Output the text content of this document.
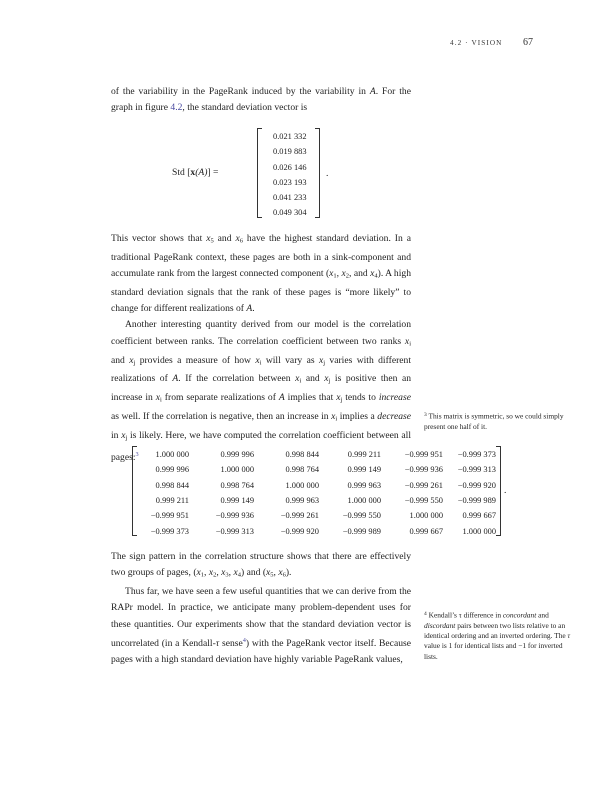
4.2 · VISION 67

of the variability in the PageRank induced by the variability in A. For the graph in figure 4.2, the standard deviation vector is

Std [x(A)] =
0.021 332
0.019 883
0.026 146
0.023 193
0.041 233
0.049 304
.

This vector shows that $x_5$ and $x_6$ have the highest standard deviation. In a traditional PageRank context, these pages are both in a sink-component and accumulate rank from the largest connected component ($x_1$, $x_2$, and $x_4$). A high standard deviation signals that the rank of these pages is “more likely” to change for different realizations of A.

Another interesting quantity derived from our model is the correlation coefficient between ranks. The correlation coefficient between two ranks $x_i$ and $x_j$ provides a measure of how $x_i$ will vary as $x_j$ varies with different realizations of A. If the correlation between $x_i$ and $x_j$ is positive then an increase in $x_i$ from separate realizations of A implies that $x_j$ tends to increase as well. If the correlation is negative, then an increase in $x_i$ implies a decrease in $x_j$ is likely. Here, we have computed the correlation coefficient between all pages:$^3$

$^3$ This matrix is symmetric, so we could simply present one half of it.
1.000 000	0.999 996	0.998 844	0.999 211	−0.999 951	−0.999 373
0.999 996	1.000 000	0.998 764	0.999 149	−0.999 936	−0.999 313
0.998 844	0.998 764	1.000 000	0.999 963	−0.999 261	−0.999 920
0.999 211	0.999 149	0.999 963	1.000 000	−0.999 550	−0.999 989
−0.999 951	−0.999 936	−0.999 261	−0.999 550	1.000 000	0.999 667
−0.999 373	−0.999 313	−0.999 920	−0.999 989	0.999 667	1.000 000
.

The sign pattern in the correlation structure shows that there are effectively two groups of pages, ($x_1$, $x_2$, $x_3$, $x_4$) and ($x_5$, $x_6$).

Thus far, we have seen a few useful quantities that we can derive from the RAPr model. In practice, we anticipate many problem-dependent uses for these quantities. Our experiments show that the standard deviation vector is uncorrelated (in a Kendall-τ sense$^4$) with the PageRank vector itself. Because pages with a high standard deviation have highly variable PageRank values,

$^4$ Kendall’s τ difference in concordant and discordant pairs between two lists relative to an identical ordering and an inverted ordering. The τ value is 1 for identical lists and −1 for inverted lists.
